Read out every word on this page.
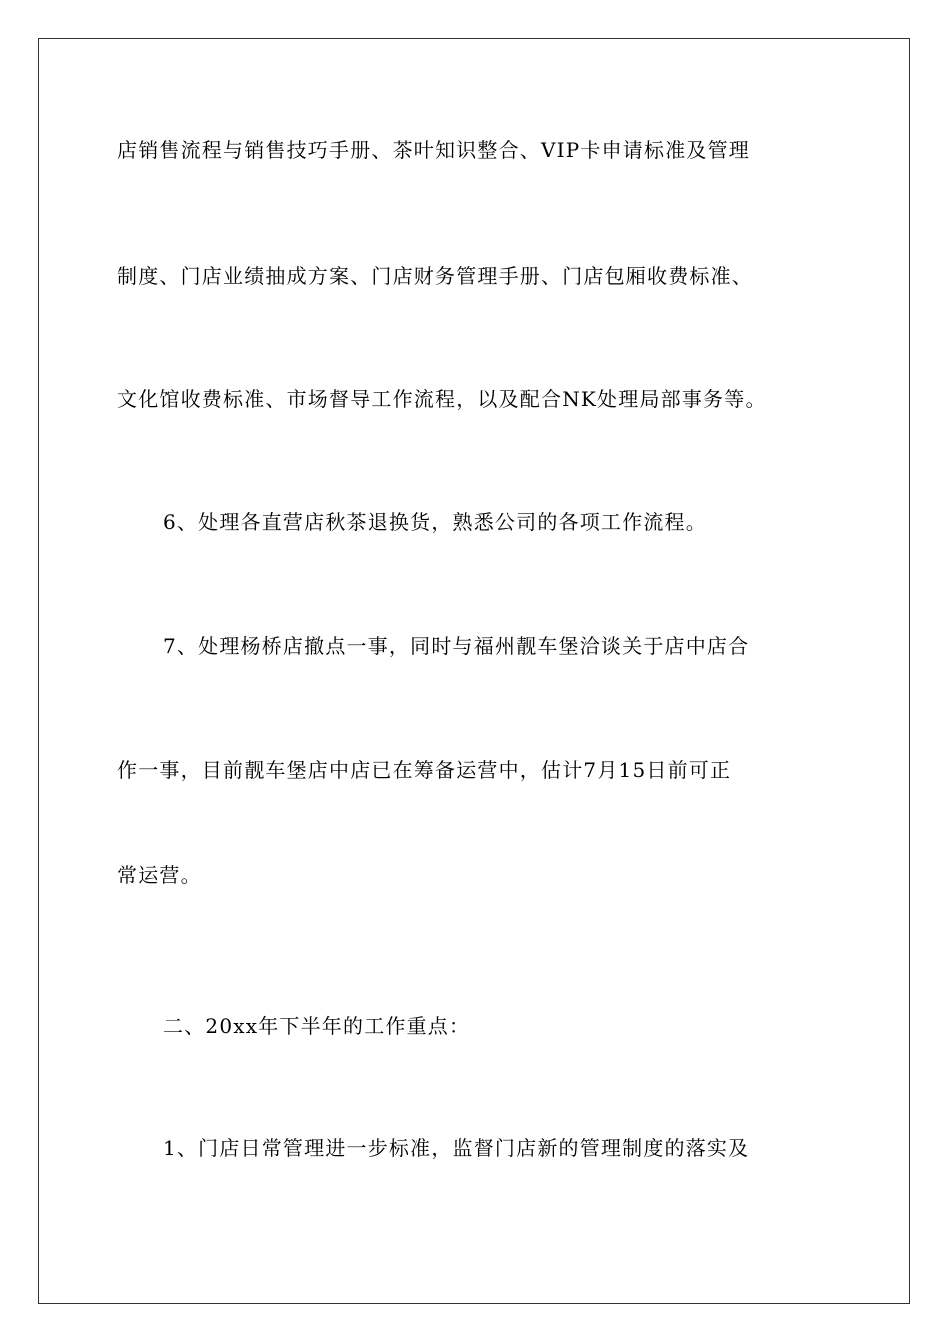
店销售流程与销售技巧手册、茶叶知识整合、VIP卡申请标准及管理
制度、门店业绩抽成方案、门店财务管理手册、门店包厢收费标准、
文化馆收费标准、市场督导工作流程，以及配合NK处理局部事务等。
6、处理各直营店秋茶退换货，熟悉公司的各项工作流程。
7、处理杨桥店撤点一事，同时与福州靓车堡洽谈关于店中店合
作一事，目前靓车堡店中店已在筹备运营中，估计7月15日前可正
常运营。
二、20xx年下半年的工作重点：
1、门店日常管理进一步标准，监督门店新的管理制度的落实及
